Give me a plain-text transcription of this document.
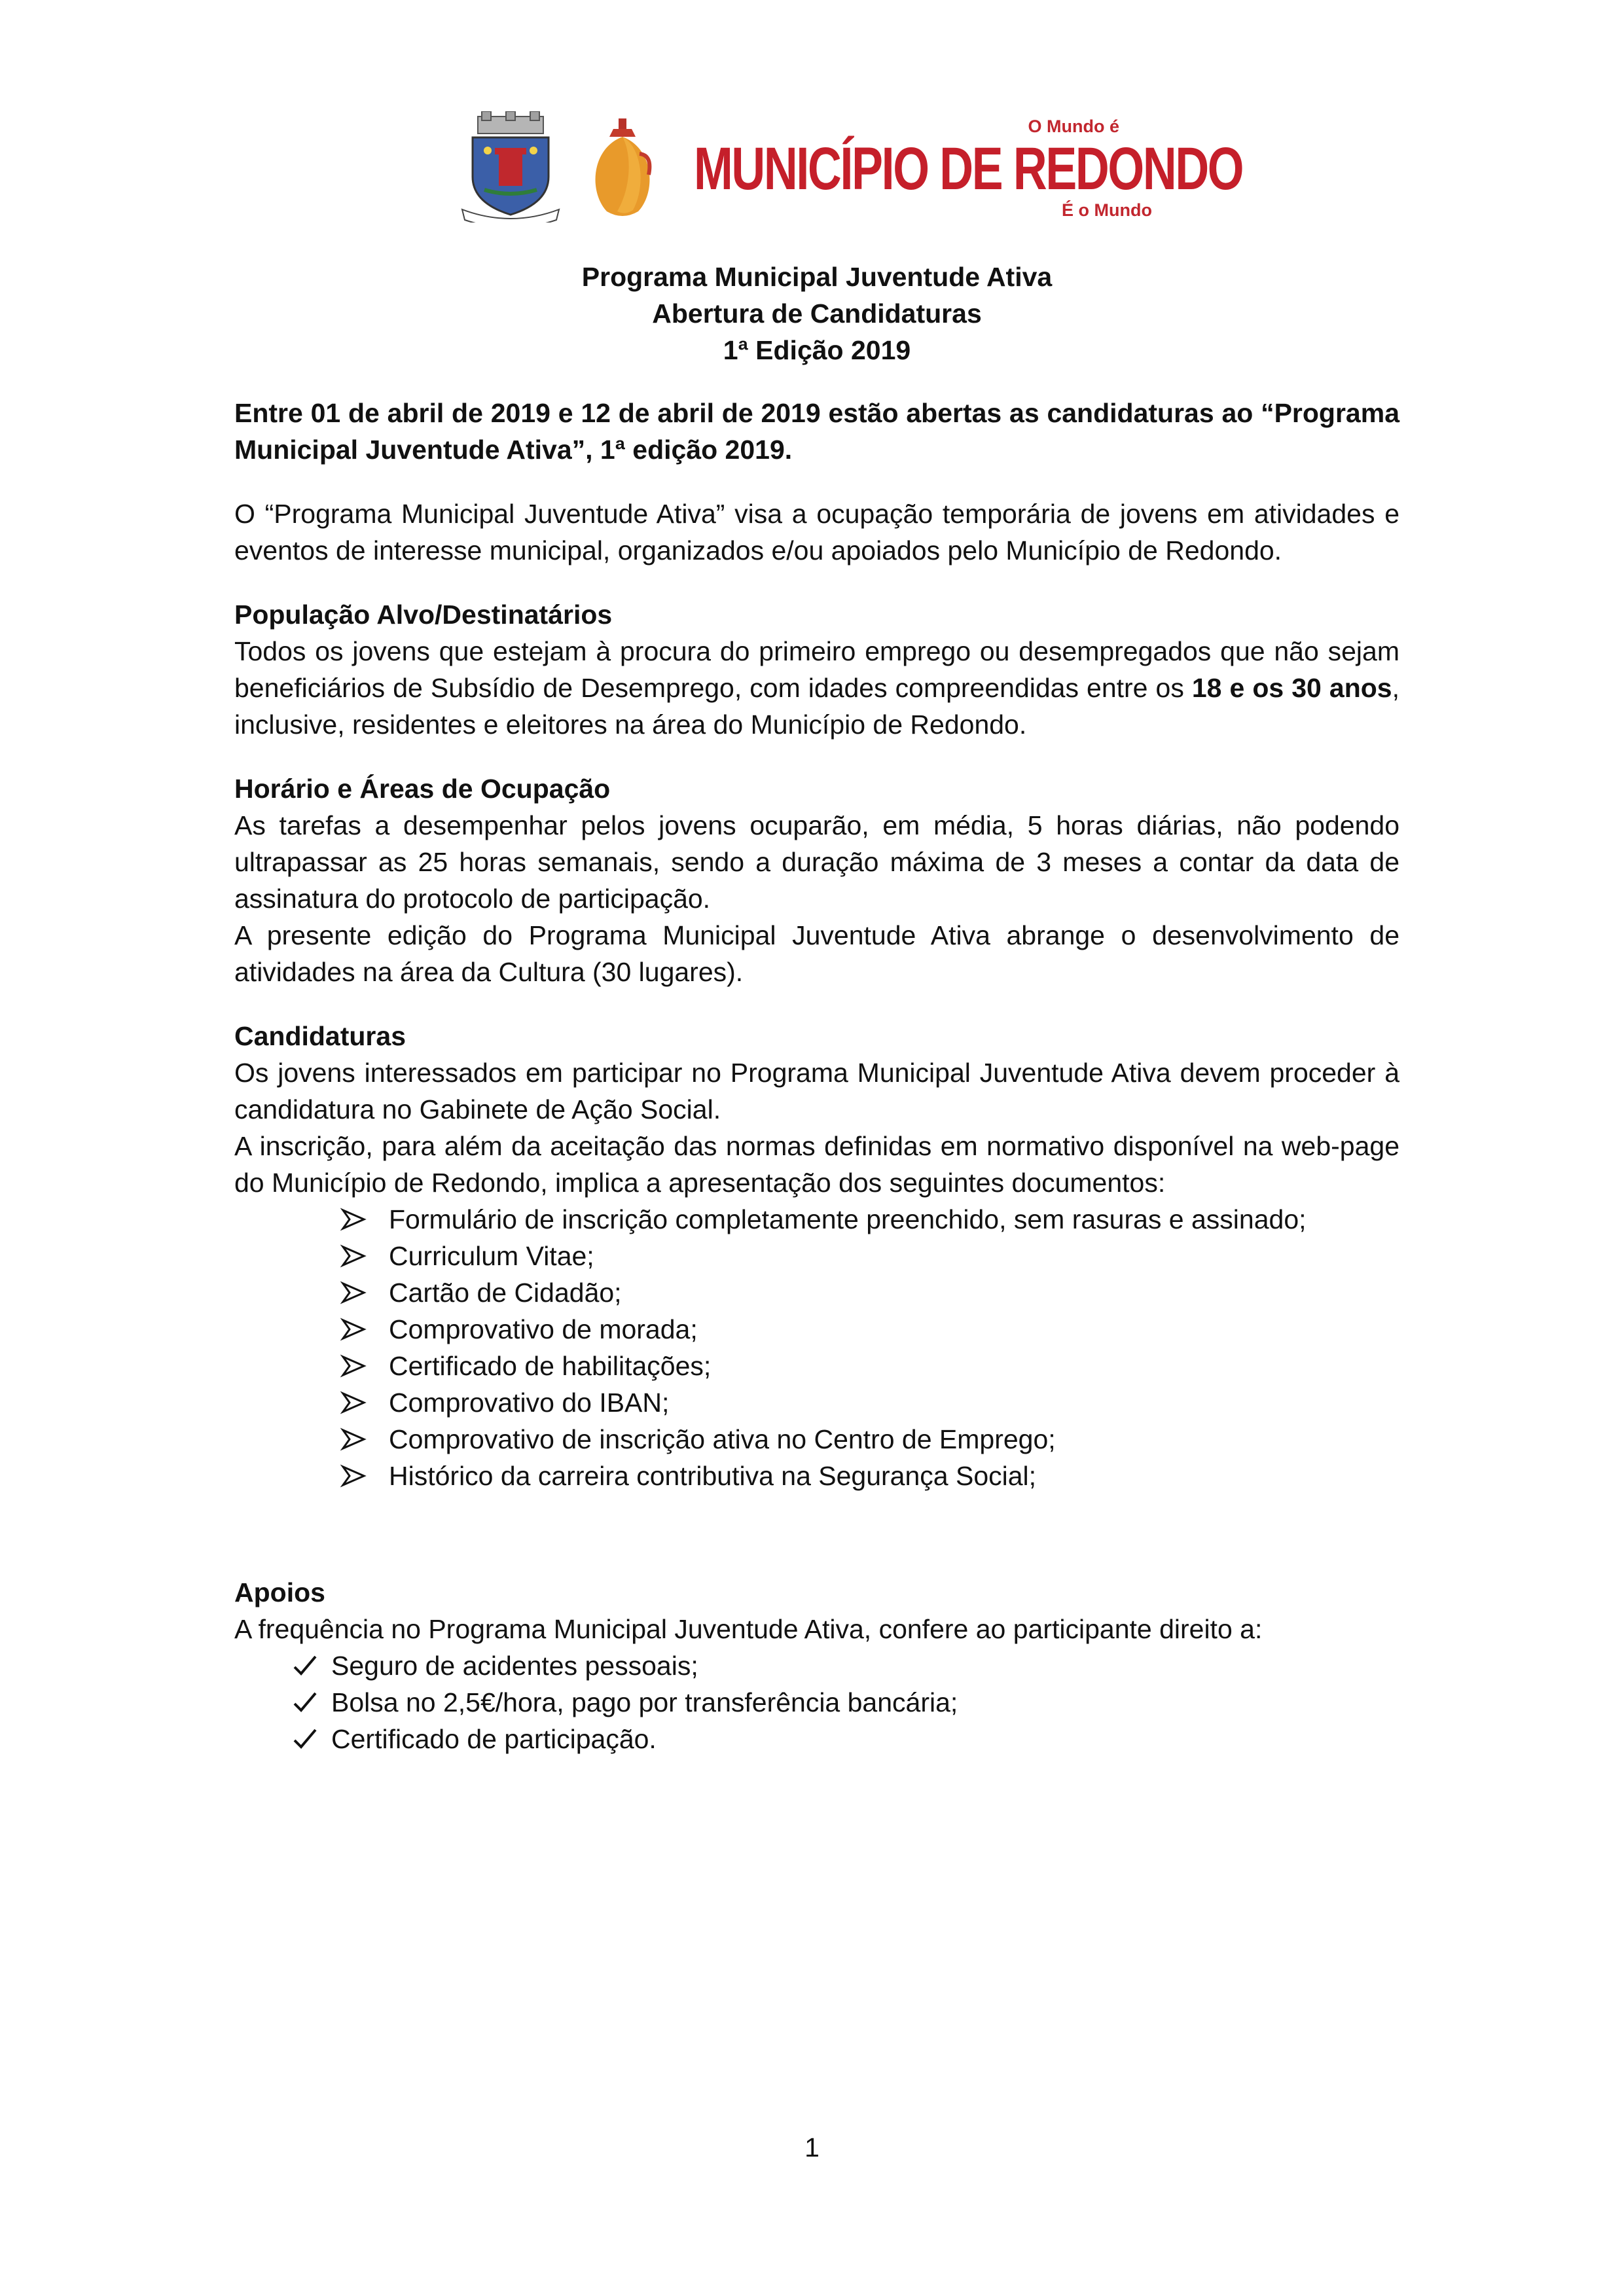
O Mundo é
MUNICÍPIO DE REDONDO
É o Mundo
Programa Municipal Juventude Ativa
Abertura de Candidaturas
1ª Edição 2019

Entre 01 de abril de 2019 e 12 de abril de 2019 estão abertas as candidaturas ao “Programa Municipal Juventude Ativa”, 1ª edição 2019.

O “Programa Municipal Juventude Ativa” visa a ocupação temporária de jovens em atividades e eventos de interesse municipal, organizados e/ou apoiados pelo Município de Redondo.

População Alvo/Destinatários

Todos os jovens que estejam à procura do primeiro emprego ou desempregados que não sejam beneficiários de Subsídio de Desemprego, com idades compreendidas entre os 18 e os 30 anos, inclusive, residentes e eleitores na área do Município de Redondo.

Horário e Áreas de Ocupação

As tarefas a desempenhar pelos jovens ocuparão, em média, 5 horas diárias, não podendo ultrapassar as 25 horas semanais, sendo a duração máxima de 3 meses a contar da data de assinatura do protocolo de participação.

A presente edição do Programa Municipal Juventude Ativa abrange o desenvolvimento de atividades na área da Cultura (30 lugares).

Candidaturas

Os jovens interessados em participar no Programa Municipal Juventude Ativa devem proceder à candidatura no Gabinete de Ação Social.

A inscrição, para além da aceitação das normas definidas em normativo disponível na web-page do Município de Redondo, implica a apresentação dos seguintes documentos:

Formulário de inscrição completamente preenchido, sem rasuras e assinado;
Curriculum Vitae;
Cartão de Cidadão;
Comprovativo de morada;
Certificado de habilitações;
Comprovativo do IBAN;
Comprovativo de inscrição ativa no Centro de Emprego;
Histórico da carreira contributiva na Segurança Social;
Apoios

A frequência no Programa Municipal Juventude Ativa, confere ao participante direito a:

Seguro de acidentes pessoais;
Bolsa no 2,5€/hora, pago por transferência bancária;
Certificado de participação.
1
